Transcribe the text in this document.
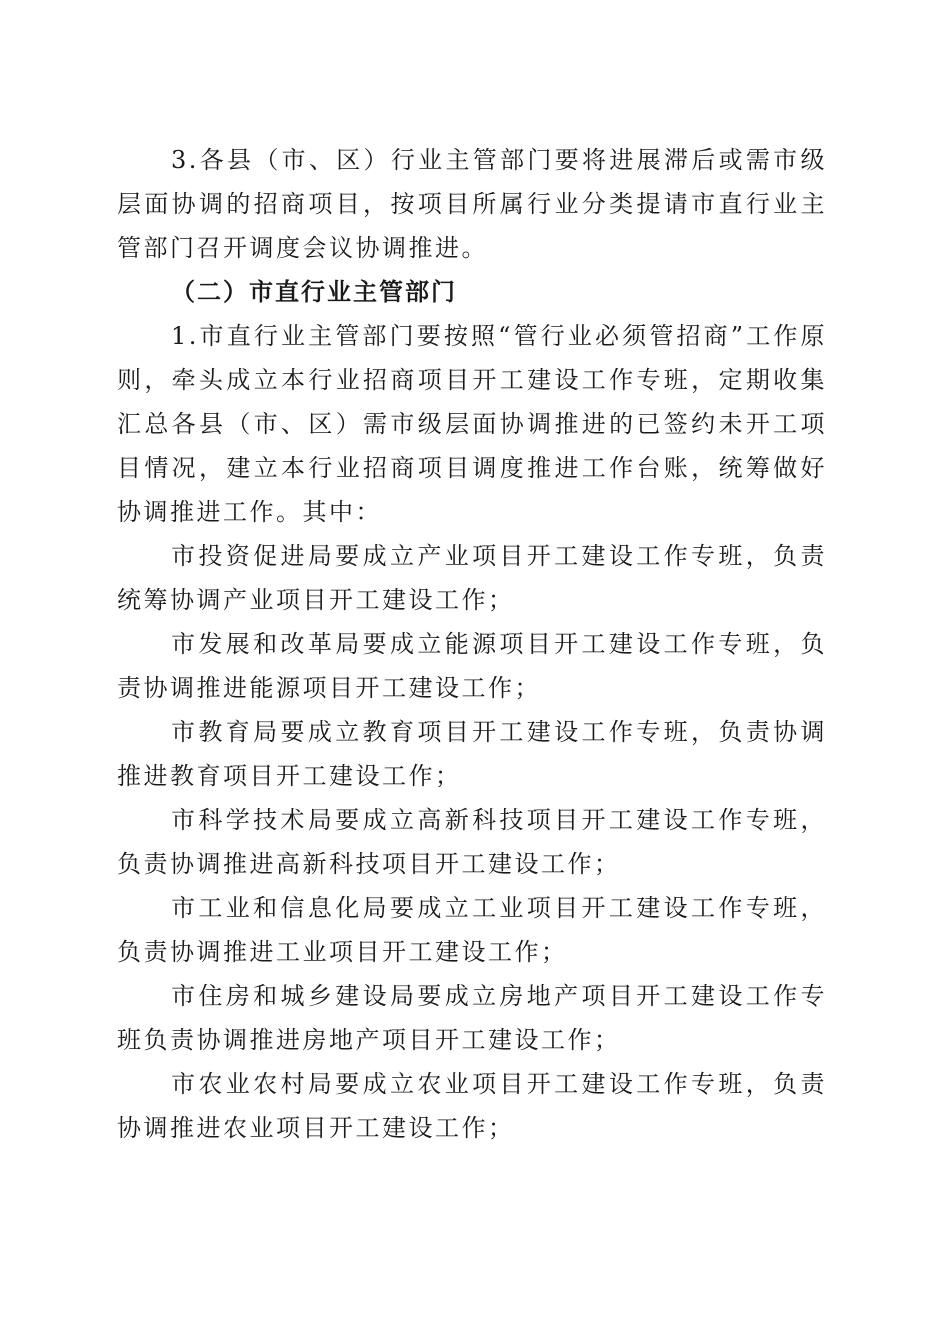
3.各县（市、区）行业主管部门要将进展滞后或需市级层面协调的招商项目，按项目所属行业分类提请市直行业主管部门召开调度会议协调推进。

（二）市直行业主管部门

1.市直行业主管部门要按照“管行业必须管招商”工作原则，牵头成立本行业招商项目开工建设工作专班，定期收集汇总各县（市、区）需市级层面协调推进的已签约未开工项目情况，建立本行业招商项目调度推进工作台账，统筹做好协调推进工作。其中：

市投资促进局要成立产业项目开工建设工作专班，负责统筹协调产业项目开工建设工作；

市发展和改革局要成立能源项目开工建设工作专班，负责协调推进能源项目开工建设工作；

市教育局要成立教育项目开工建设工作专班，负责协调推进教育项目开工建设工作；

市科学技术局要成立高新科技项目开工建设工作专班，负责协调推进高新科技项目开工建设工作；

市工业和信息化局要成立工业项目开工建设工作专班，负责协调推进工业项目开工建设工作；

市住房和城乡建设局要成立房地产项目开工建设工作专班负责协调推进房地产项目开工建设工作；

市农业农村局要成立农业项目开工建设工作专班，负责协调推进农业项目开工建设工作；
